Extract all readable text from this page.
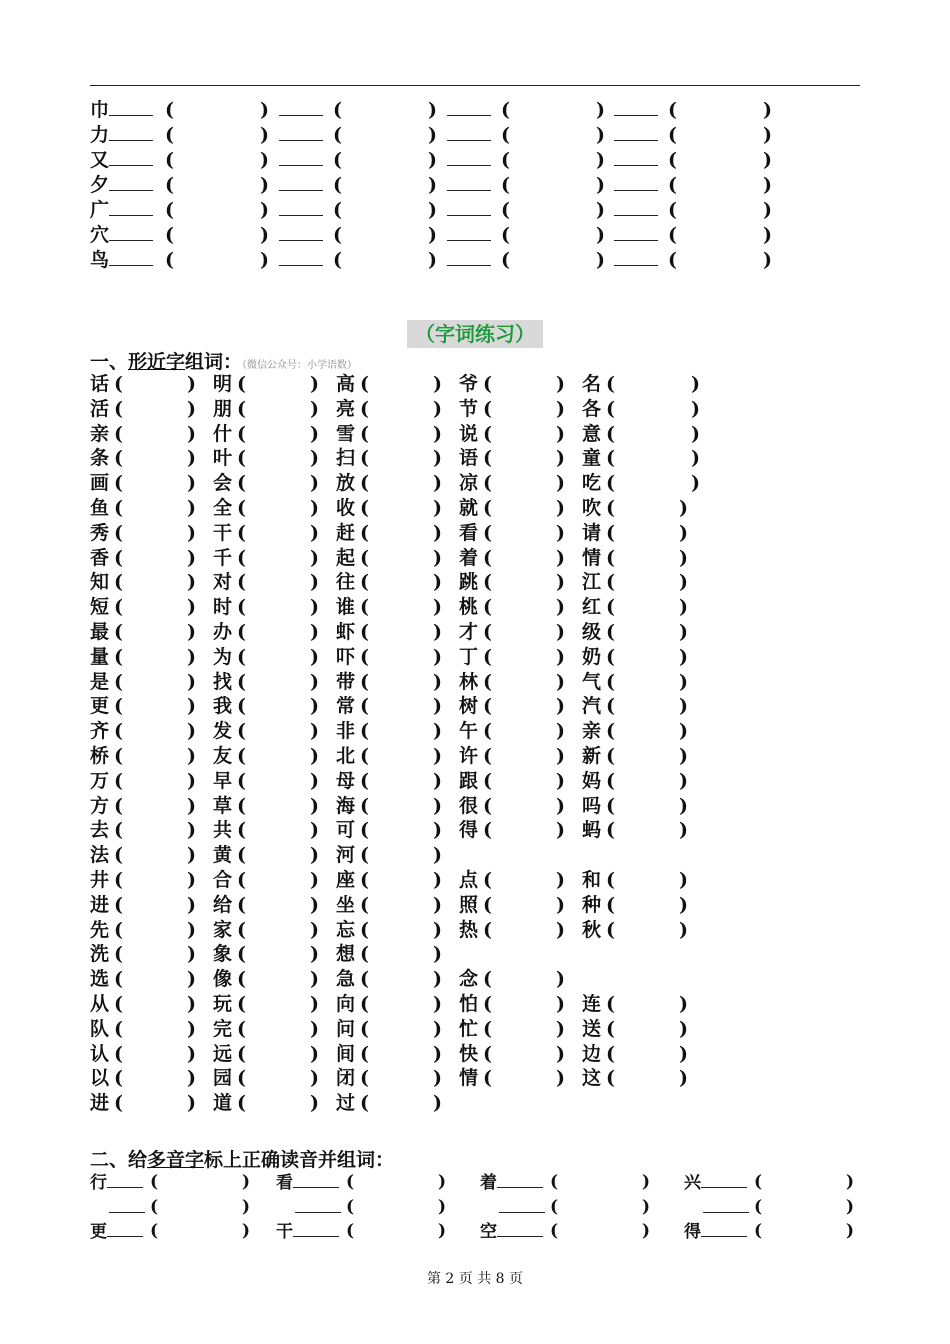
巾	(	)	(	)	(	)	(	)
力	(	)	(	)	(	)	(	)
又	(	)	(	)	(	)	(	)
夕	(	)	(	)	(	)	(	)
广	(	)	(	)	(	)	(	)
穴	(	)	(	)	(	)	(	)
鸟	(	)	(	)	(	)	(	)
（字词练习）
一、形近字组词：（微信公众号：小学语数）
话 (	) 明 (	) 高 (	) 爷 (	) 名 (	)
活 (	) 朋 (	) 亮 (	) 节 (	) 各 (	)
亲 (	) 什 (	) 雪 (	) 说 (	) 意 (	)
条 (	) 叶 (	) 扫 (	) 语 (	) 童 (	)
画 (	) 会 (	) 放 (	) 凉 (	) 吃 (	)
鱼 (	) 全 (	) 收 (	) 就 (	) 吹 (	)
秀 (	) 干 (	) 赶 (	) 看 (	) 请 (	)
香 (	) 千 (	) 起 (	) 着 (	) 情 (	)
知 (	) 对 (	) 往 (	) 跳 (	) 江 (	)
短 (	) 时 (	) 谁 (	) 桃 (	) 红 (	)
最 (	) 办 (	) 虾 (	) 才 (	) 级 (	)
量 (	) 为 (	) 吓 (	) 丁 (	) 奶 (	)
是 (	) 找 (	) 带 (	) 林 (	) 气 (	)
更 (	) 我 (	) 常 (	) 树 (	) 汽 (	)
齐 (	) 发 (	) 非 (	) 午 (	) 亲 (	)
桥 (	) 友 (	) 北 (	) 许 (	) 新 (	)
万 (	) 早 (	) 母 (	) 跟 (	) 妈 (	)
方 (	) 草 (	) 海 (	) 很 (	) 吗 (	)
去 (	) 共 (	) 可 (	) 得 (	) 蚂 (	)
法 (	) 黄 (	) 河 (	)
井 (	) 合 (	) 座 (	) 点 (	) 和 (	)
进 (	) 给 (	) 坐 (	) 照 (	) 种 (	)
先 (	) 家 (	) 忘 (	) 热 (	) 秋 (	)
洗 (	) 象 (	) 想 (	)
选 (	) 像 (	) 急 (	) 念 (	)
从 (	) 玩 (	) 向 (	) 怕 (	) 连 (	)
队 (	) 完 (	) 问 (	) 忙 (	) 送 (	)
认 (	) 远 (	) 间 (	) 快 (	) 边 (	)
以 (	) 园 (	) 闭 (	) 情 (	) 这 (	)
进 (	) 道 (	) 过 (	)
二、给多音字标上正确读音并组词：
行	(	) 看	(	) 着	(	) 兴	(	)
(	)	(	)	(	)	(	)
更	(	) 干	(	) 空	(	) 得	(	)
第 2 页 共 8 页
